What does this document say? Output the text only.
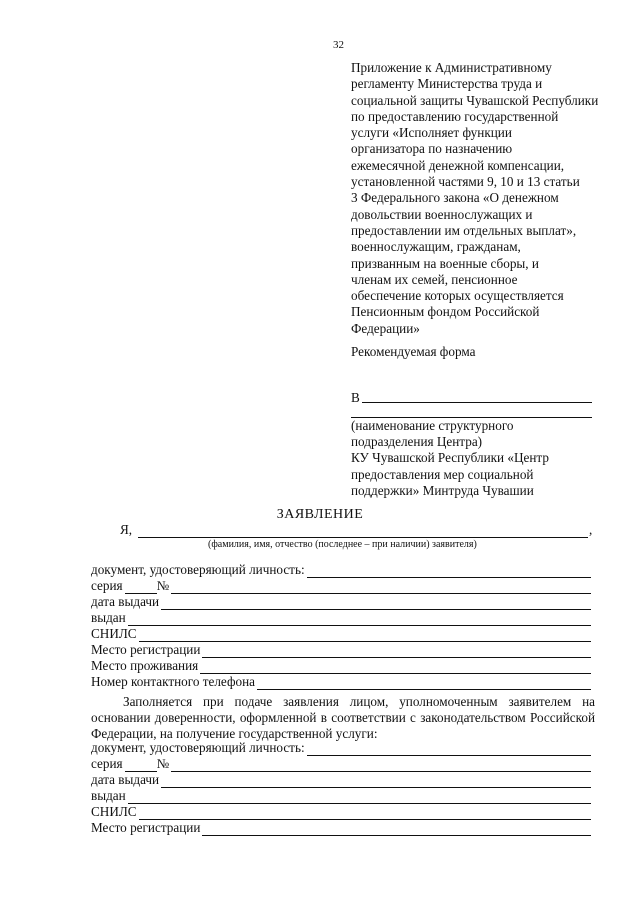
32
Приложение к Административному
регламенту Министерства труда и
социальной защиты Чувашской Республики
по предоставлению государственной
услуги «Исполняет функции
организатора по назначению
ежемесячной денежной компенсации,
установленной частями 9, 10 и 13 статьи
3 Федерального закона «О денежном
довольствии военнослужащих и
предоставлении им отдельных выплат»,
военнослужащим, гражданам,
призванным на военные сборы, и
членам их семей, пенсионное
обеспечение которых осуществляется
Пенсионным фондом Российской
Федерации»
Рекомендуемая форма
В
(наименование структурного
подразделения Центра)
КУ Чувашской Республики «Центр
предоставления мер социальной
поддержки» Минтруда Чувашии
ЗАЯВЛЕНИЕ
Я,	,
(фамилия, имя, отчество (последнее – при наличии) заявителя)
документ, удостоверяющий личность:
серия	№
дата выдачи
выдан
СНИЛС
Место регистрации
Место проживания
Номер контактного телефона
Заполняется при подаче заявления лицом, уполномоченным заявителем на
основании доверенности, оформленной в соответствии с законодательством Российской
Федерации, на получение государственной услуги:
документ, удостоверяющий личность:
серия	№
дата выдачи
выдан
СНИЛС
Место регистрации
